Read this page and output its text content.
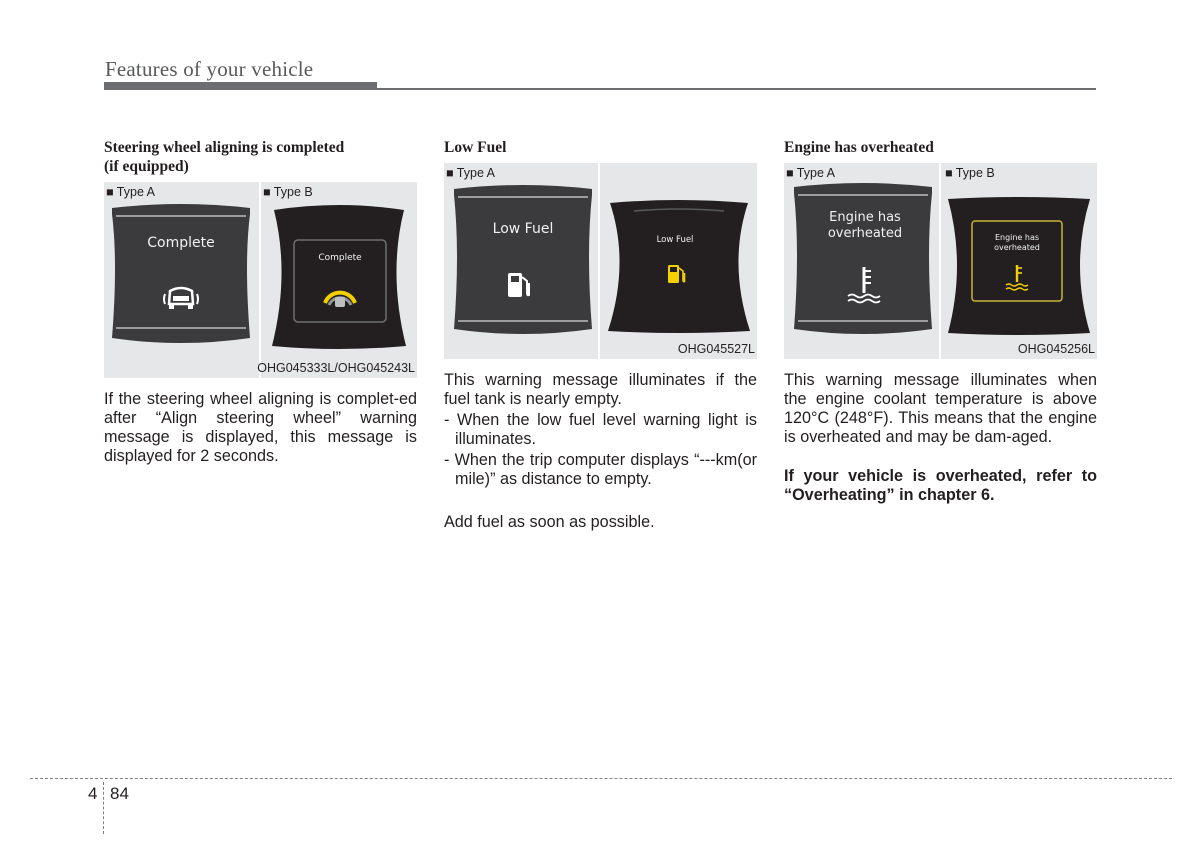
Features of your vehicle

Steering wheel aligning is completed
(if equipped)

■ Type A	■ Type B
Complete
Complete
OHG045333L/OHG045243L

If the steering wheel aligning is complet-ed after “Align steering wheel” warning message is displayed, this message is displayed for 2 seconds.

Low Fuel

■ Type A
Low Fuel
Low Fuel
OHG045527L

This warning message illuminates if the fuel tank is nearly empty.

- When the low fuel level warning light is illuminates.

- When the trip computer displays “---km(or mile)” as distance to empty.

Add fuel as soon as possible.

Engine has overheated

■ Type A	■ Type B
Engine has
overheated	Engine has
overheated
OHG045256L

This warning message illuminates when the engine coolant temperature is above 120°C (248°F). This means that the engine is overheated and may be dam-aged.

If your vehicle is overheated, refer to “Overheating” in chapter 6.

4 84
